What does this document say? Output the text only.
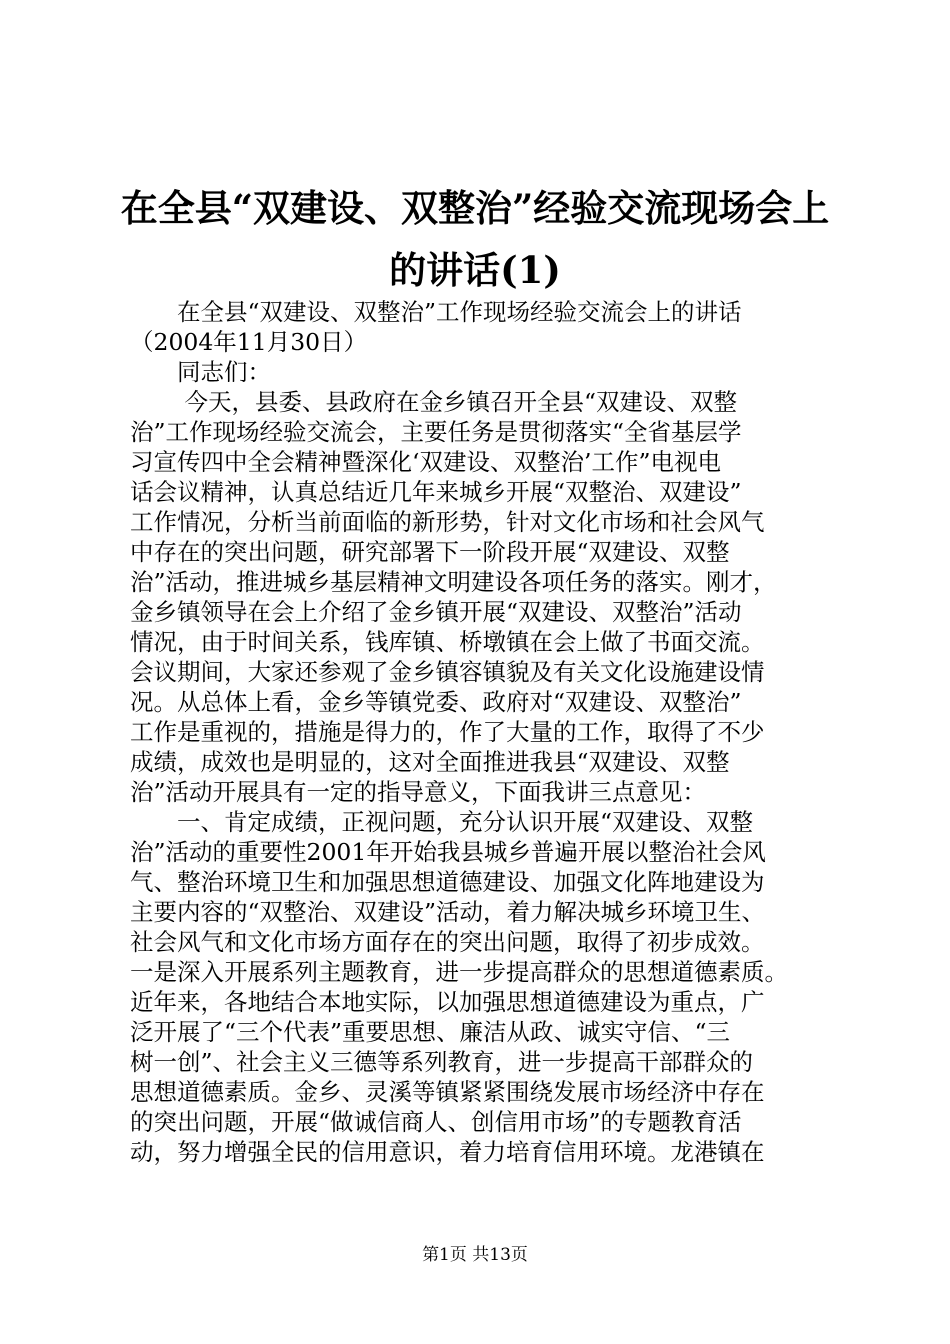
在全县“双建设、双整治”经验交流现场会上
的讲话(1)
　　在全县“双建设、双整治”工作现场经验交流会上的讲话
（2004年11月30日）
　　同志们：
　　 今天，县委、县政府在金乡镇召开全县“双建设、双整
治”工作现场经验交流会，主要任务是贯彻落实“全省基层学
习宣传四中全会精神暨深化‘双建设、双整治’工作”电视电
话会议精神，认真总结近几年来城乡开展“双整治、双建设”
工作情况，分析当前面临的新形势，针对文化市场和社会风气
中存在的突出问题，研究部署下一阶段开展“双建设、双整
治”活动，推进城乡基层精神文明建设各项任务的落实。刚才，
金乡镇领导在会上介绍了金乡镇开展“双建设、双整治”活动
情况，由于时间关系，钱库镇、桥墩镇在会上做了书面交流。
会议期间，大家还参观了金乡镇容镇貌及有关文化设施建设情
况。从总体上看，金乡等镇党委、政府对“双建设、双整治”
工作是重视的，措施是得力的，作了大量的工作，取得了不少
成绩，成效也是明显的，这对全面推进我县“双建设、双整
治”活动开展具有一定的指导意义，下面我讲三点意见：
　　一、肯定成绩，正视问题，充分认识开展“双建设、双整
治”活动的重要性2001年开始我县城乡普遍开展以整治社会风
气、整治环境卫生和加强思想道德建设、加强文化阵地建设为
主要内容的“双整治、双建设”活动，着力解决城乡环境卫生、
社会风气和文化市场方面存在的突出问题，取得了初步成效。
一是深入开展系列主题教育，进一步提高群众的思想道德素质。
近年来，各地结合本地实际，以加强思想道德建设为重点，广
泛开展了“三个代表”重要思想、廉洁从政、诚实守信、“三
树一创”、社会主义三德等系列教育，进一步提高干部群众的
思想道德素质。金乡、灵溪等镇紧紧围绕发展市场经济中存在
的突出问题，开展“做诚信商人、创信用市场”的专题教育活
动，努力增强全民的信用意识，着力培育信用环境。龙港镇在
第1页 共13页
